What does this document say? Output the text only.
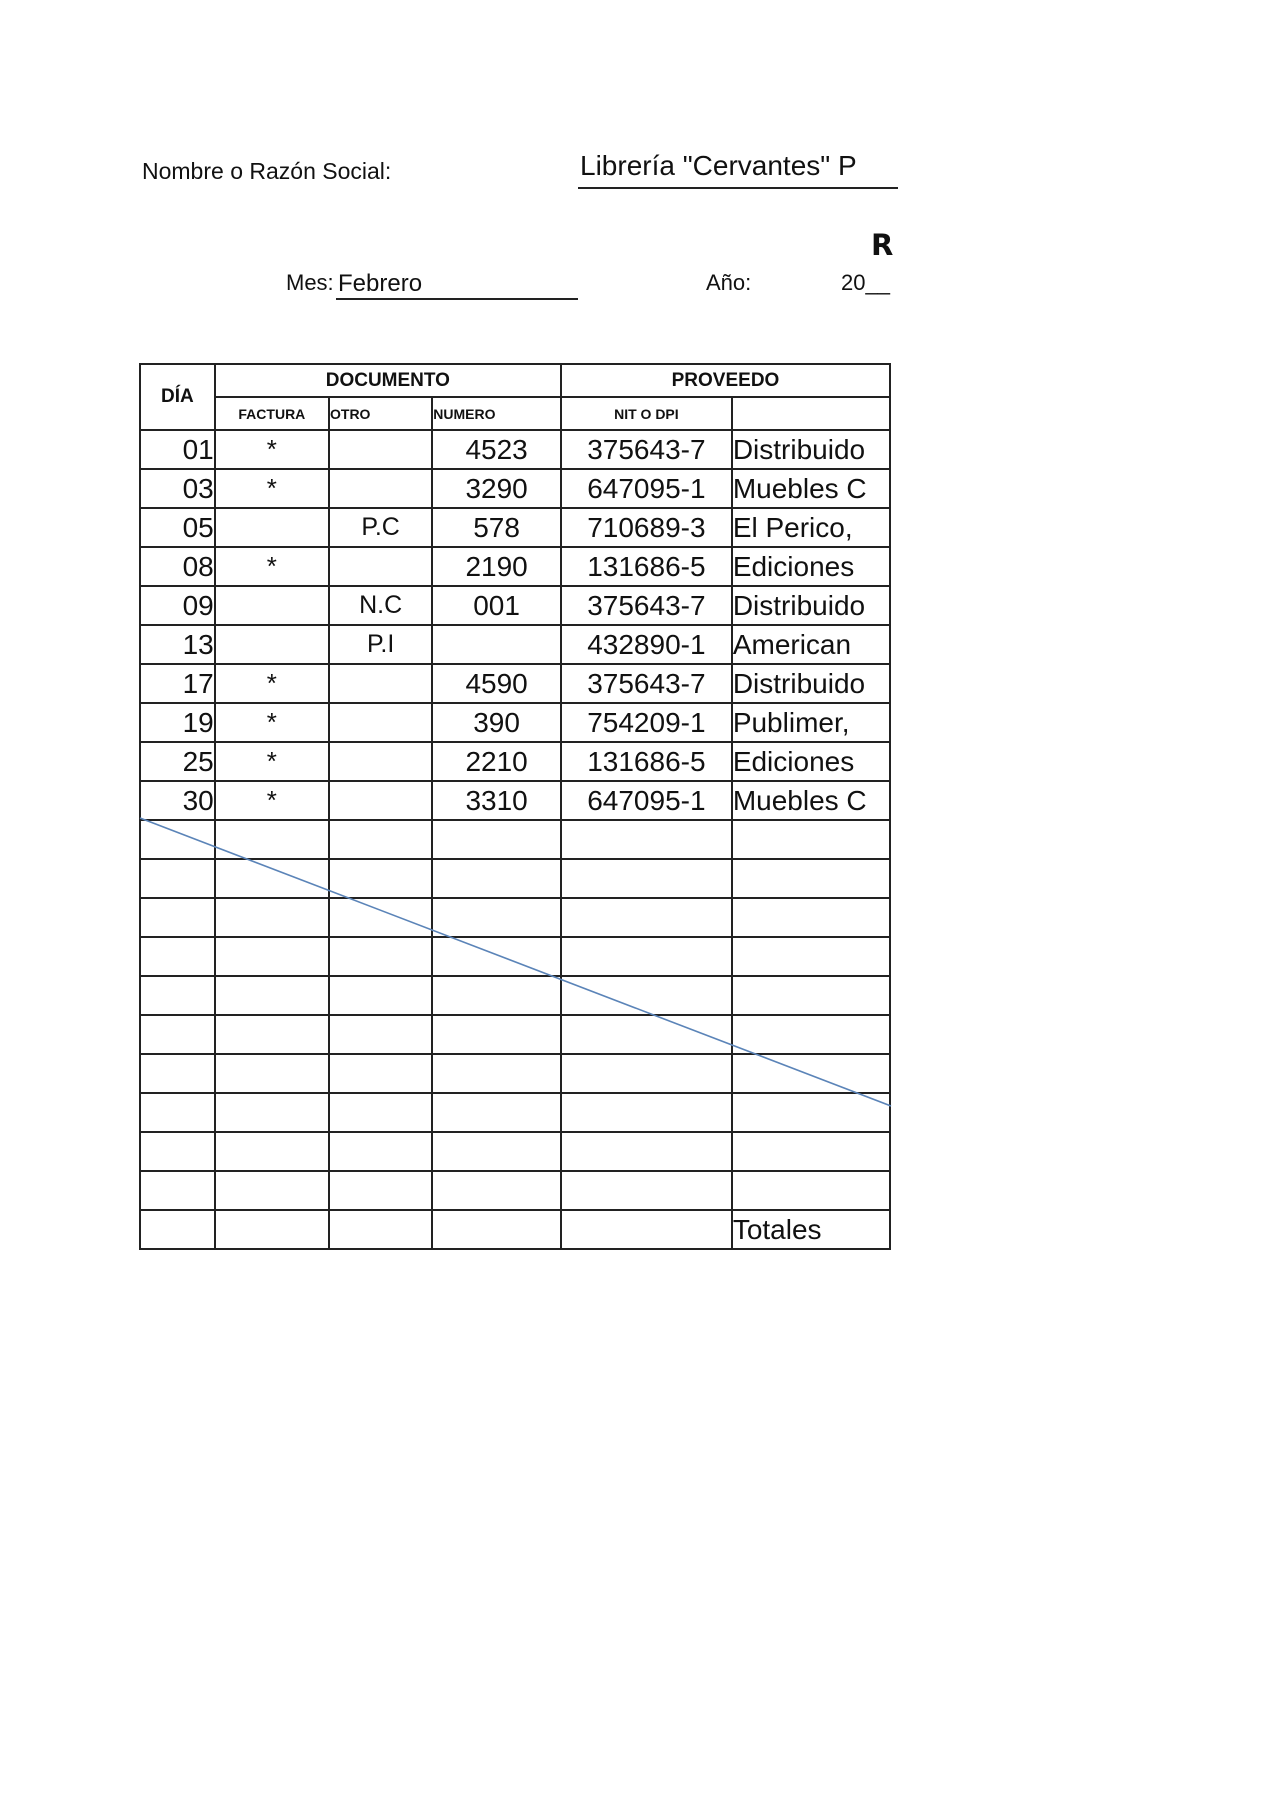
Nombre o Razón Social:	Librería "Cervantes" P
R
Mes: Febrero	Año:	20__
DÍA	DOCUMENTO			PROVEEDO	
	FACTURA	OTRO	NUMERO	NIT O DPI	
01	*		4523	375643-7	Distribuido
03	*		3290	647095-1	Muebles C
05		P.C	578	710689-3	El Perico,
08	*		2190	131686-5	Ediciones
09		N.C	001	375643-7	Distribuido
13		P.I		432890-1	American
17	*		4590	375643-7	Distribuido
19	*		390	754209-1	Publimer,
25	*		2210	131686-5	Ediciones
30	*		3310	647095-1	Muebles C

					Totales
